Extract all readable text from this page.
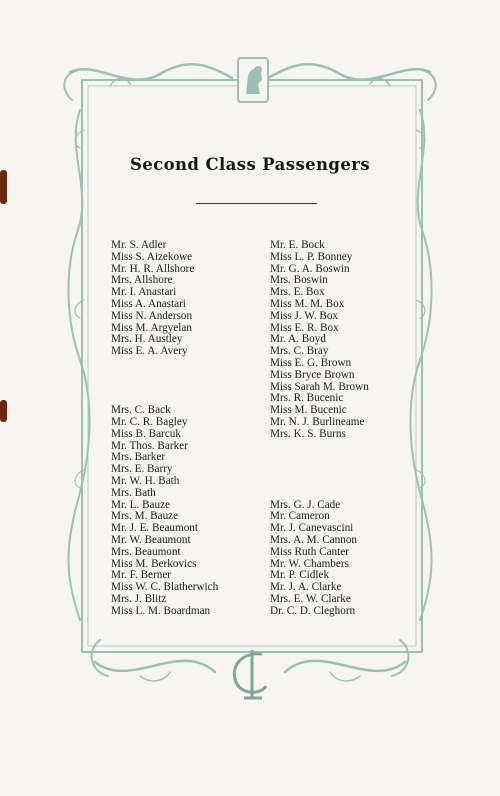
Second Class Passengers
Mr. S. Adler
Miss S. Aizekowe
Mr. H. R. Allshore
Mrs. Allshore
Mr. I. Anastari
Miss A. Anastari
Miss N. Anderson
Miss M. Argyelan
Mrs. H. Austley
Miss E. A. Avery
Mrs. C. Back
Mr. C. R. Bagley
Miss B. Barcuk
Mr. Thos. Barker
Mrs. Barker
Mrs. E. Barry
Mr. W. H. Bath
Mrs. Bath
Mr. L. Bauze
Mrs. M. Bauze
Mr. J. E. Beaumont
Mr. W. Beaumont
Mrs. Beaumont
Miss M. Berkovics
Mr. F. Berner
Miss W. C. Blatherwich
Mrs. J. Blitz
Miss L. M. Boardman
Mr. E. Bock
Miss L. P. Bonney
Mr. G. A. Boswin
Mrs. Boswin
Mrs. E. Box
Miss M. M. Box
Miss J. W. Box
Miss E. R. Box
Mr. A. Boyd
Mrs. C. Bray
Miss E. G. Brown
Miss Bryce Brown
Miss Sarah M. Brown
Mrs. R. Bucenic
Miss M. Bucenic
Mr. N. J. Burlineame
Mrs. K. S. Burns
Mrs. G. J. Cade
Mr. Cameron
Mr. J. Canevascini
Mrs. A. M. Cannon
Miss Ruth Canter
Mr. W. Chambers
Mr. P. Cidlek
Mr. J. A. Clarke
Mrs. E. W. Clarke
Dr. C. D. Cleghorn
